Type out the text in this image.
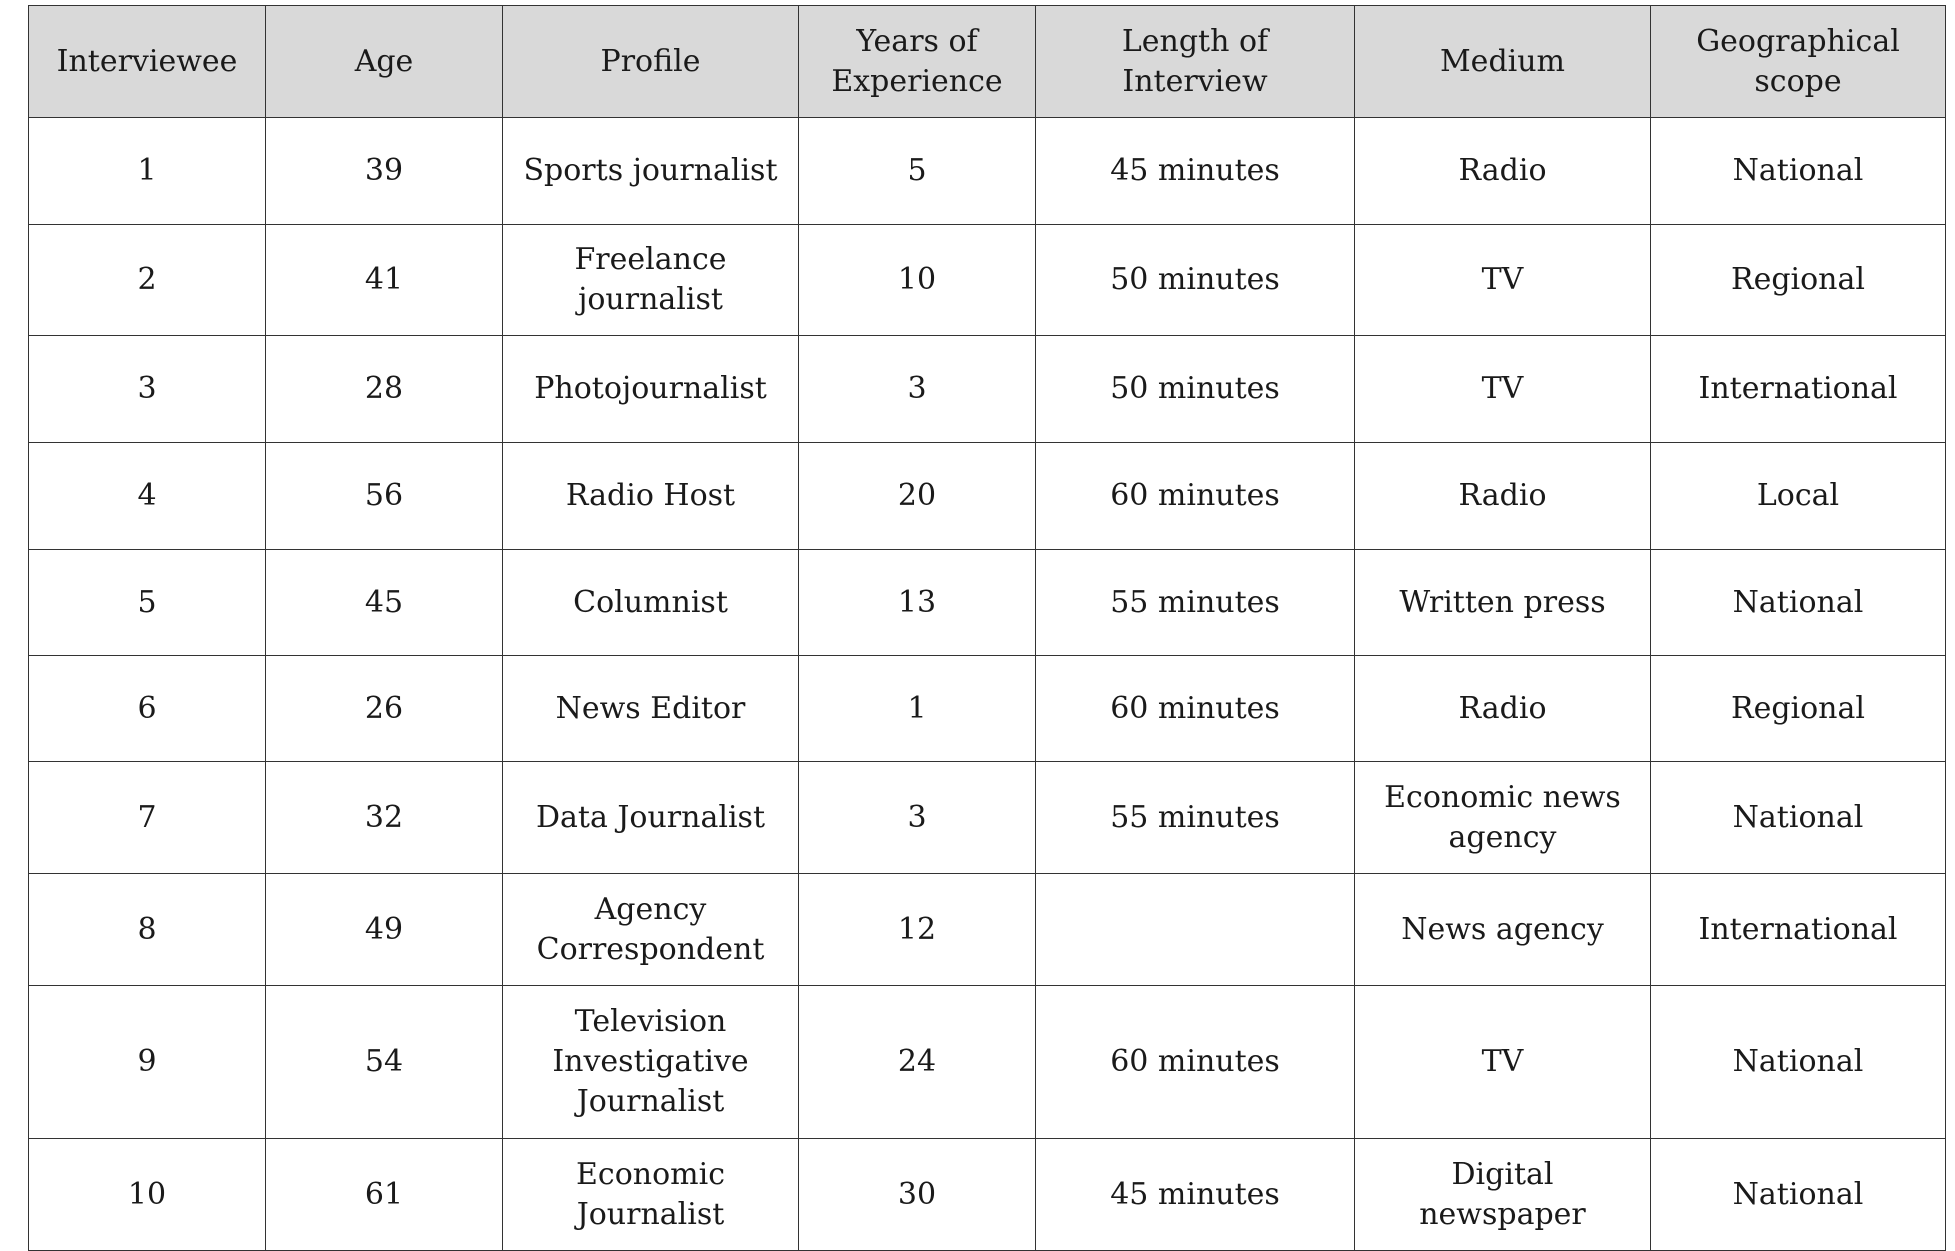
Interviewee	Age	Profile	Years of Experience	Length of Interview	Medium	Geographical scope
1	39	Sports journalist	5	45 minutes	Radio	National
2	41	Freelance journalist	10	50 minutes	TV	Regional
3	28	Photojournalist	3	50 minutes	TV	International
4	56	Radio Host	20	60 minutes	Radio	Local
5	45	Columnist	13	55 minutes	Written press	National
6	26	News Editor	1	60 minutes	Radio	Regional
7	32	Data Journalist	3	55 minutes	Economic news agency	National
8	49	Agency Correspondent	12		News agency	International
9	54	Television Investigative Journalist	24	60 minutes	TV	National
10	61	Economic Journalist	30	45 minutes	Digital newspaper	National
